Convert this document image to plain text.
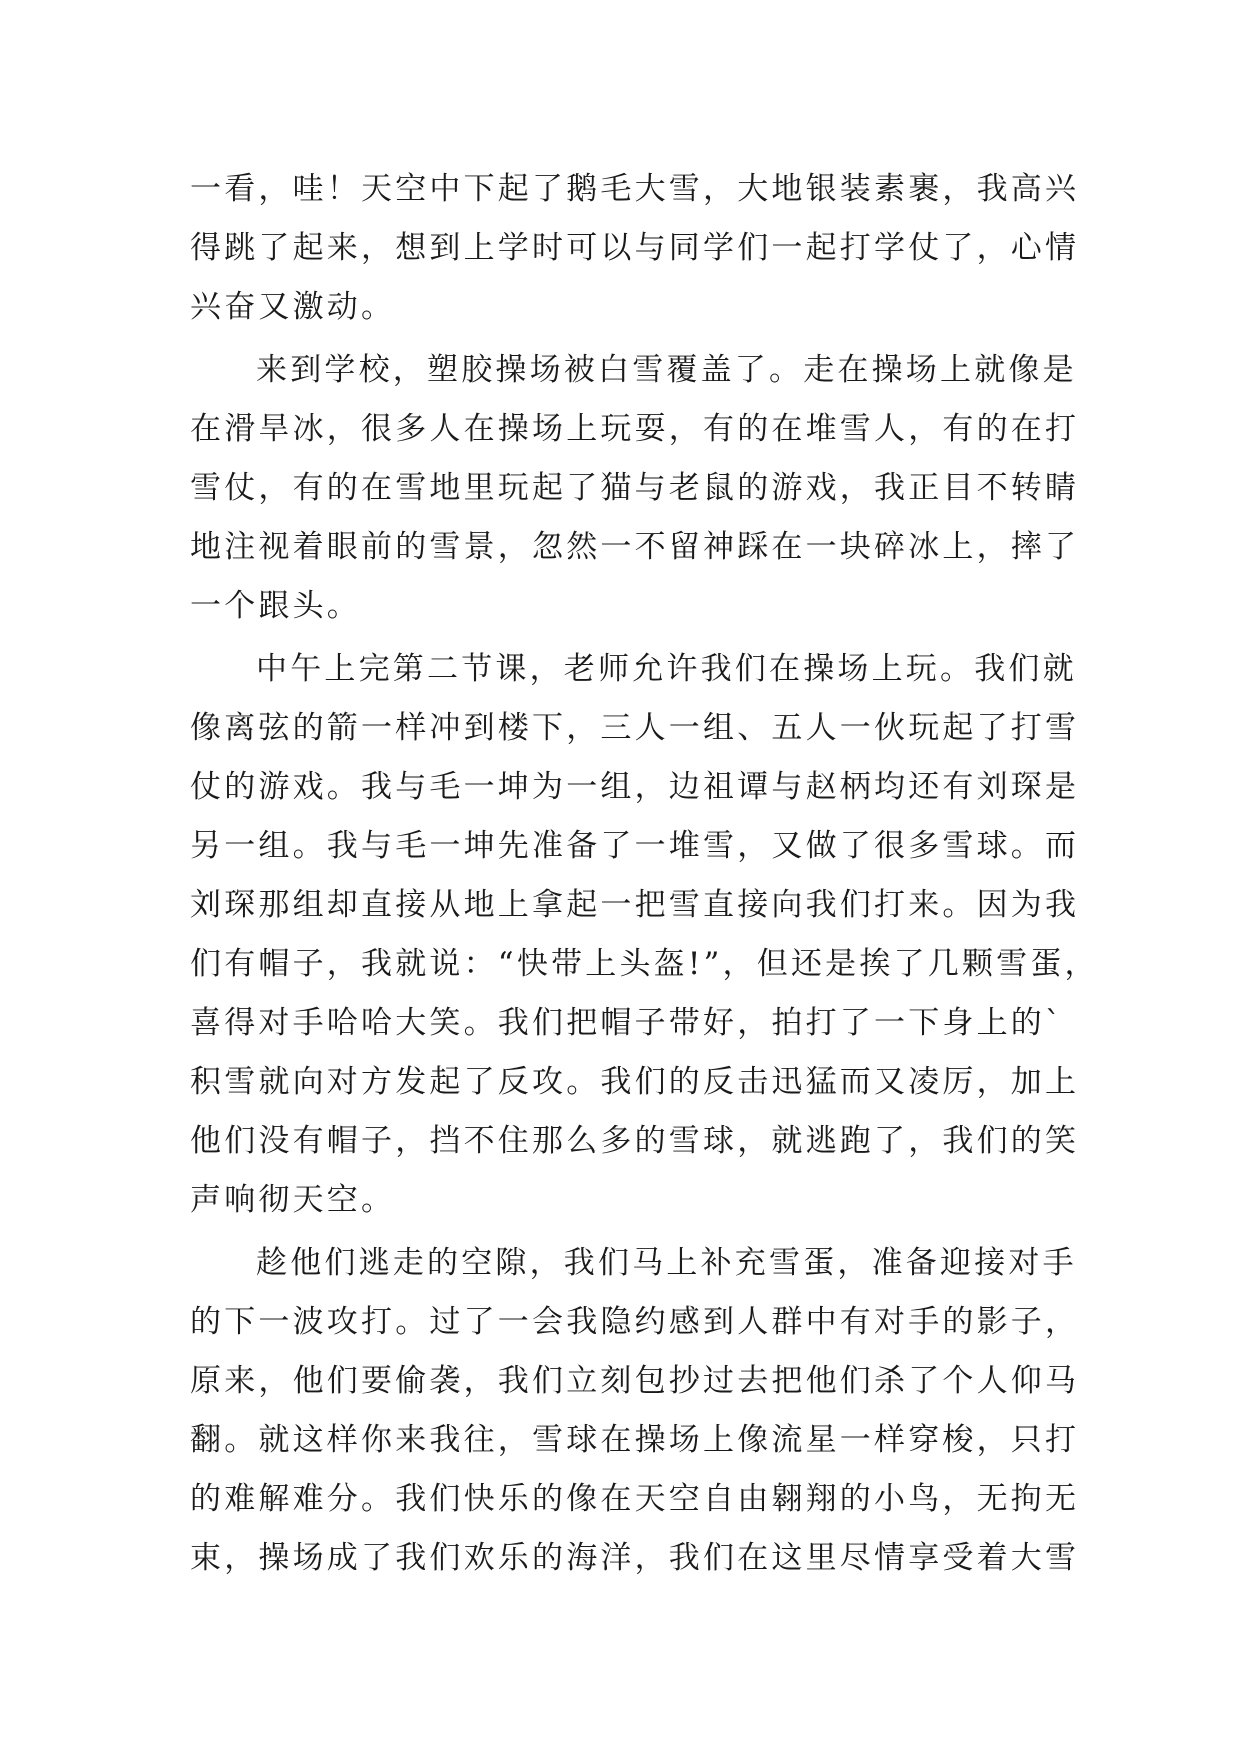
一看，哇！天空中下起了鹅毛大雪，大地银装素裹，我高兴
得跳了起来，想到上学时可以与同学们一起打学仗了，心情
兴奋又激动。
来到学校，塑胶操场被白雪覆盖了。走在操场上就像是
在滑旱冰，很多人在操场上玩耍，有的在堆雪人，有的在打
雪仗，有的在雪地里玩起了猫与老鼠的游戏，我正目不转睛
地注视着眼前的雪景，忽然一不留神踩在一块碎冰上，摔了
一个跟头。
中午上完第二节课，老师允许我们在操场上玩。我们就
像离弦的箭一样冲到楼下，三人一组、五人一伙玩起了打雪
仗的游戏。我与毛一坤为一组，边祖谭与赵柄均还有刘琛是
另一组。我与毛一坤先准备了一堆雪，又做了很多雪球。而
刘琛那组却直接从地上拿起一把雪直接向我们打来。因为我
们有帽子，我就说：“快带上头盔!”，但还是挨了几颗雪蛋，
喜得对手哈哈大笑。我们把帽子带好，拍打了一下身上的`
积雪就向对方发起了反攻。我们的反击迅猛而又凌厉，加上
他们没有帽子，挡不住那么多的雪球，就逃跑了，我们的笑
声响彻天空。
趁他们逃走的空隙，我们马上补充雪蛋，准备迎接对手
的下一波攻打。过了一会我隐约感到人群中有对手的影子，
原来，他们要偷袭，我们立刻包抄过去把他们杀了个人仰马
翻。就这样你来我往，雪球在操场上像流星一样穿梭，只打
的难解难分。我们快乐的像在天空自由翱翔的小鸟，无拘无
束，操场成了我们欢乐的海洋，我们在这里尽情享受着大雪
